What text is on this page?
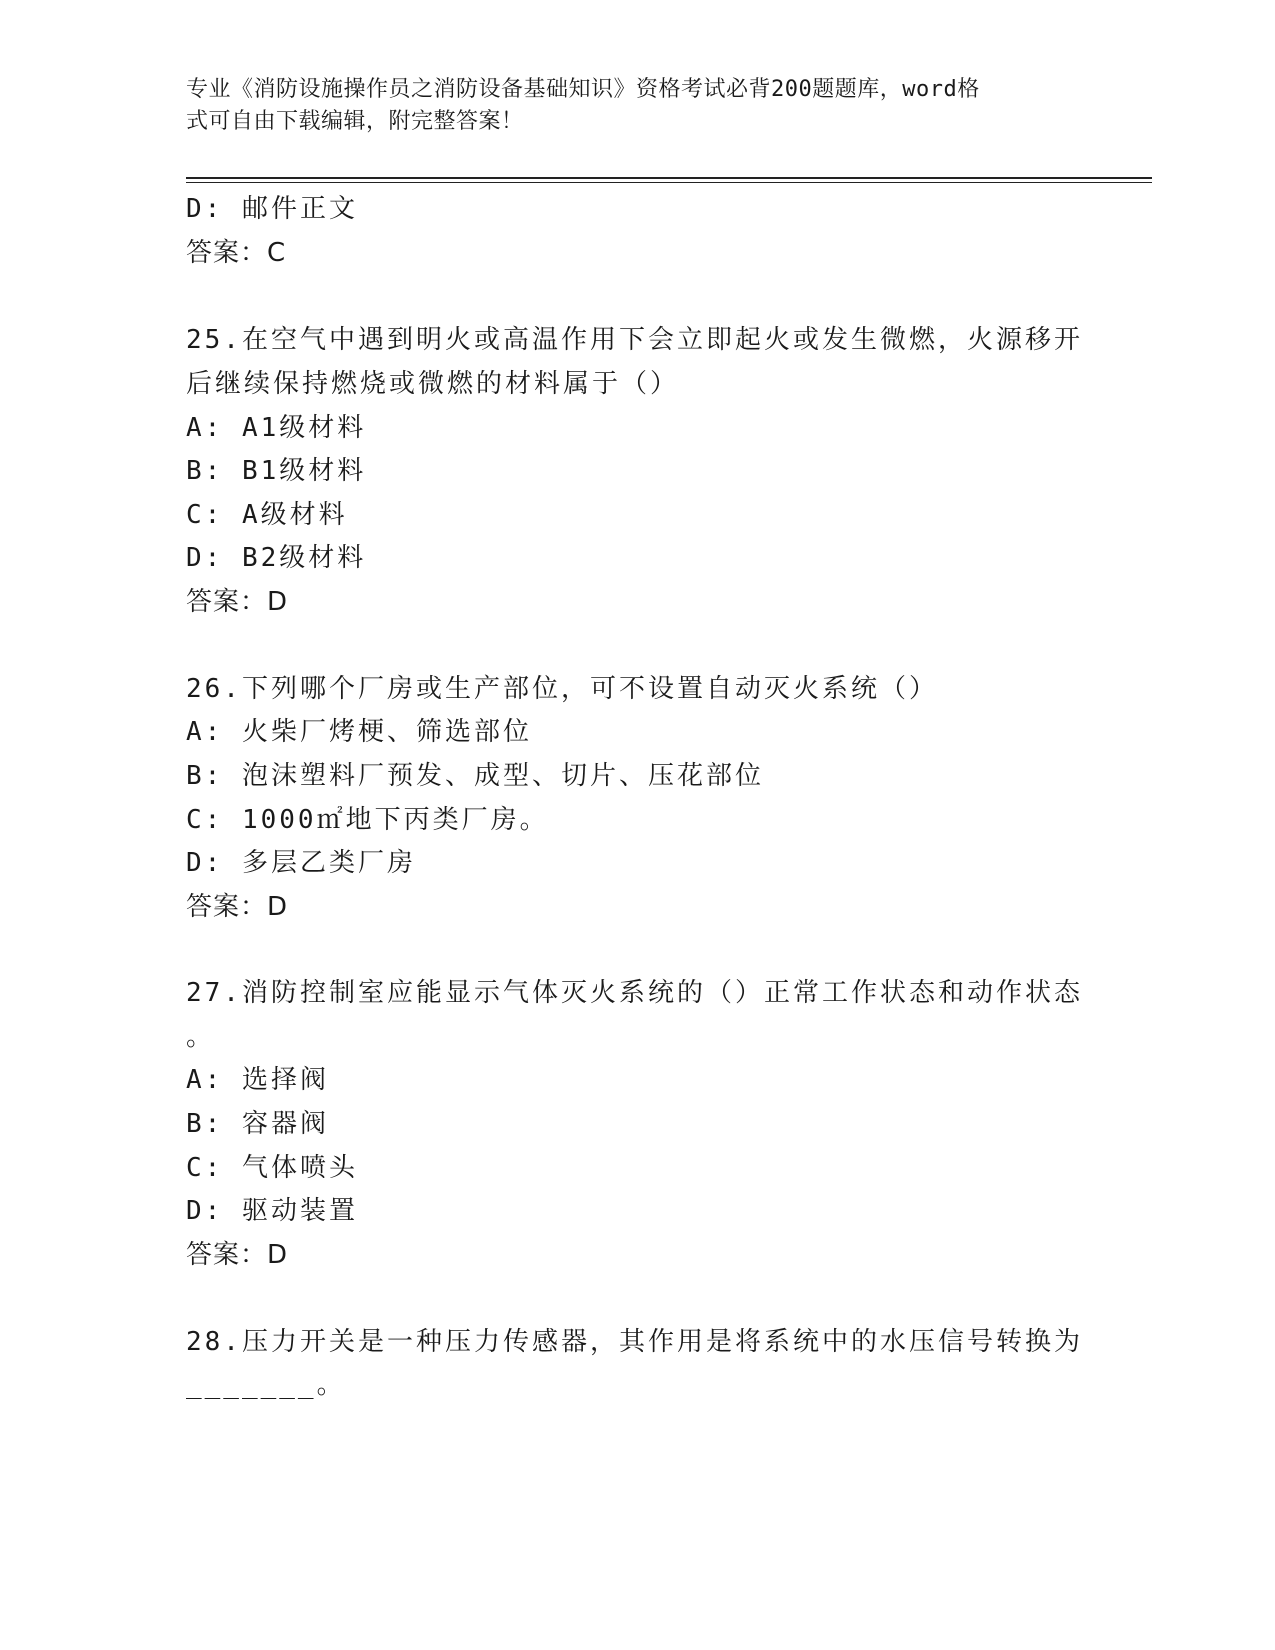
专业《消防设施操作员之消防设备基础知识》资格考试必背200题题库，word格
式可自由下载编辑，附完整答案！
D: 邮件正文
答案：C
25.在空气中遇到明火或高温作用下会立即起火或发生微燃，火源移开
后继续保持燃烧或微燃的材料属于（）
A: A1级材料
B: B1级材料
C: A级材料
D: B2级材料
答案：D
26.下列哪个厂房或生产部位，可不设置自动灭火系统（）
A: 火柴厂烤梗、筛选部位
B: 泡沫塑料厂预发、成型、切片、压花部位
C: 1000㎡地下丙类厂房。
D: 多层乙类厂房
答案：D
27.消防控制室应能显示气体灭火系统的（）正常工作状态和动作状态
。
A: 选择阀
B: 容器阀
C: 气体喷头
D: 驱动装置
答案：D
28.压力开关是一种压力传感器，其作用是将系统中的水压信号转换为
_______。
